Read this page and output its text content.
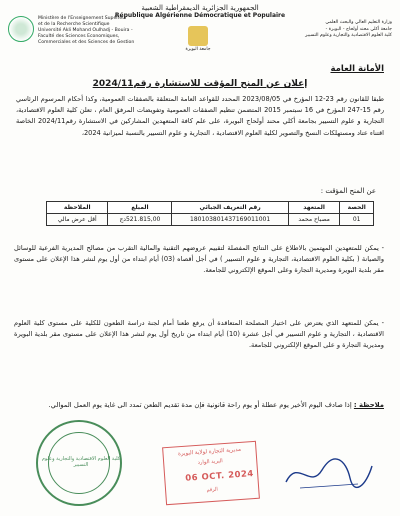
جامعة البويرة
الجمهورية الجزائرية الديمقراطية الشعبية
République Algérienne Démocratique et Populaire
Ministère de l'Enseignement Supérieur
et de la Recherche Scientifique
Université Akli Mohand Oulhadj - Bouira -
Faculté des Sciences Economiques,
Commerciales et des Sciences de Gestion
وزارة التعليم العالي والبحث العلمي
جامعة أكلي محند أولحاج - البويرة -
كلية العلوم الاقتصادية والتجارية وعلوم التسيير
الأمانة العامة
إعلان عن المنح المؤقت للاستشارة رقم2024/11
طبقا للقانون رقم 23-12 المؤرخ في 2023/08/05 المحدد للقواعد العامة المتعلقة بالصفقات العمومية، وكذا أحكام المرسوم الرئاسي رقم 15-247 المؤرخ في 16 سبتمبر 2015 المتضمن تنظيم الصفقات العمومية وتفويضات المرفق العام ، تعلن كلية العلوم الاقتصادية، التجارية و علوم التسيير بجامعة أكلي محند أولحاج البويرة، على علم كافة المتعهدين المشاركين في الاستشارة رقم2024/11 الخاصة اقتناء عتاد ومستهلكات النسخ والتصوير لكلية العلوم الاقتصادية ، التجارية و علوم التسيير بالنسبة لميزانية 2024،
عن المنح المؤقت :
الحصة	المتعهد	رقم التعريف الجبائي	المبلغ	الملاحظة
01	مصباح محمد	180103801437169011001	521.815,00دج	أقل عرض مالي
- يمكن للمتعهدين المهتمين بالاطلاع على النتائج المفصلة لتقييم عروضهم التقنية والمالية التقرب من مصالح المديرية الفرعية للوسائل والصيانة ( بكلية العلوم الاقتصادية، التجارية و علوم التسيير ) في أجل أقصاه (03) أيام ابتداء من أول يوم لنشر هذا الإعلان على مستوى مقر بلدية البويرة ومديرية التجارة وعلى الموقع الإلكتروني للجامعة.
- يمكن للمتعهد الذي يعترض على اختيار المصلحة المتعاقدة أن يرفع طعنا أمام لجنة دراسة الطعون للكلية على مستوى كلية العلوم الاقتصادية ، التجارية و علوم التسيير في أجل عشرة (10) أيام ابتداء من تاريخ أول يوم لنشر هذا الإعلان على مستوى مقر بلدية البويرة ومديرية التجارة و على الموقع الإلكتروني للجامعة.
ملاحظة : إذا صادف اليوم الأخير يوم عطلة أو يوم راحة قانونية فإن مدة تقديم الطعن تمدد الى غاية يوم العمل الموالي.
كلية العلوم الاقتصادية والتجارية وعلوم التسيير
مديرية التجارة لولاية البويرة
البريد الوارد
06 OCT. 2024
الرقم
